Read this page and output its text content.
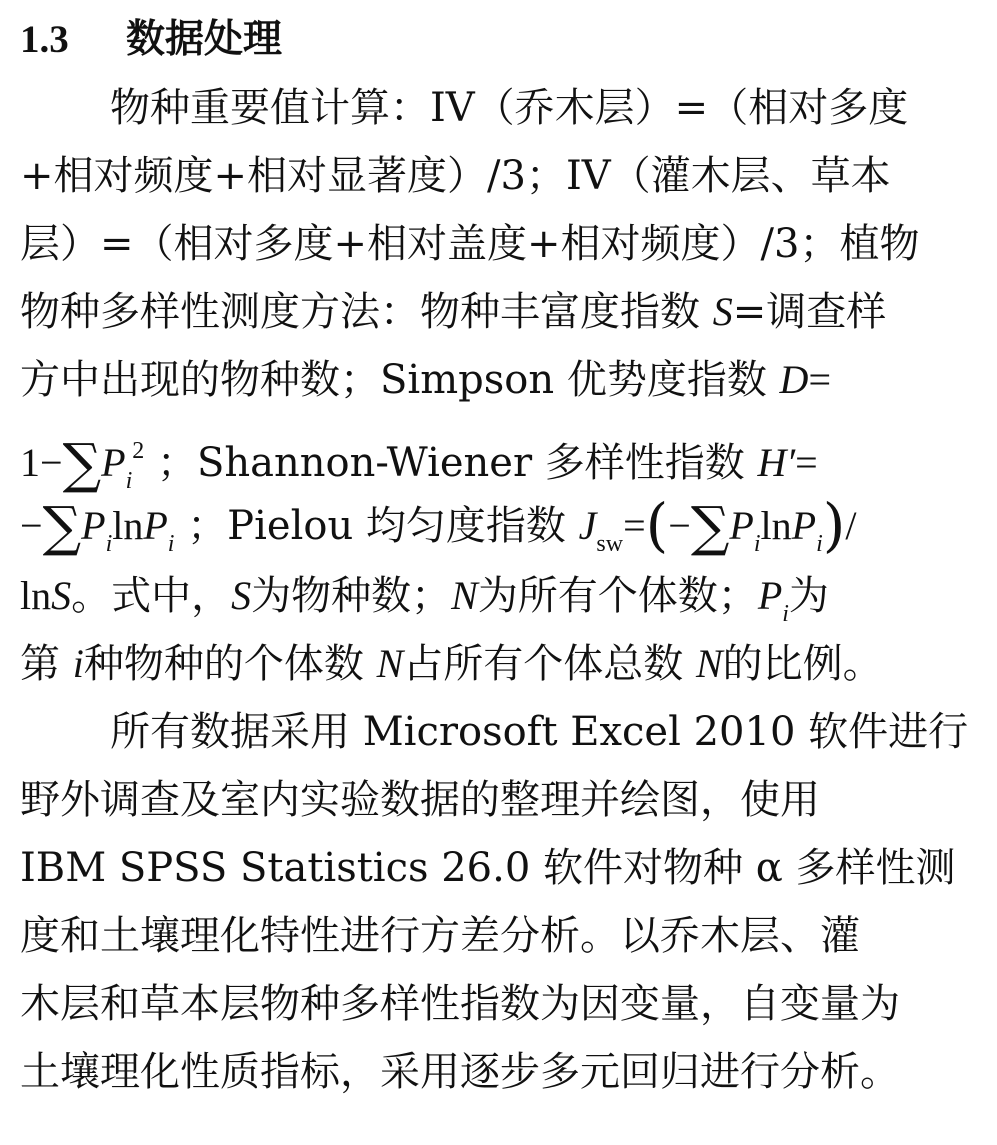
1.3	数据处理
物种重要值计算：IV（乔木层）=（相对多度
+相对频度+相对显著度）/3；IV（灌木层、草本
层）=（相对多度+相对盖度+相对频度）/3；植物
物种多样性测度方法：物种丰富度指数 S=调查样
方中出现的物种数；Simpson 优势度指数 D=
$1-\sum P_i^2$ ；Shannon-Wiener 多样性指数 H′=
$-\sum P_i\ln P_i$ ；Pielou 均匀度指数 $J_{sw}=(-\sum P_i\ln P_i)/$
lnS。式中，S为物种数；N为所有个体数；$P_i$为
第 i种物种的个体数 N占所有个体总数 N的比例。
所有数据采用 Microsoft Excel 2010 软件进行
野外调查及室内实验数据的整理并绘图，使用
IBM SPSS Statistics 26.0 软件对物种 α 多样性测
度和土壤理化特性进行方差分析。以乔木层、灌
木层和草本层物种多样性指数为因变量，自变量为
土壤理化性质指标，采用逐步多元回归进行分析。
